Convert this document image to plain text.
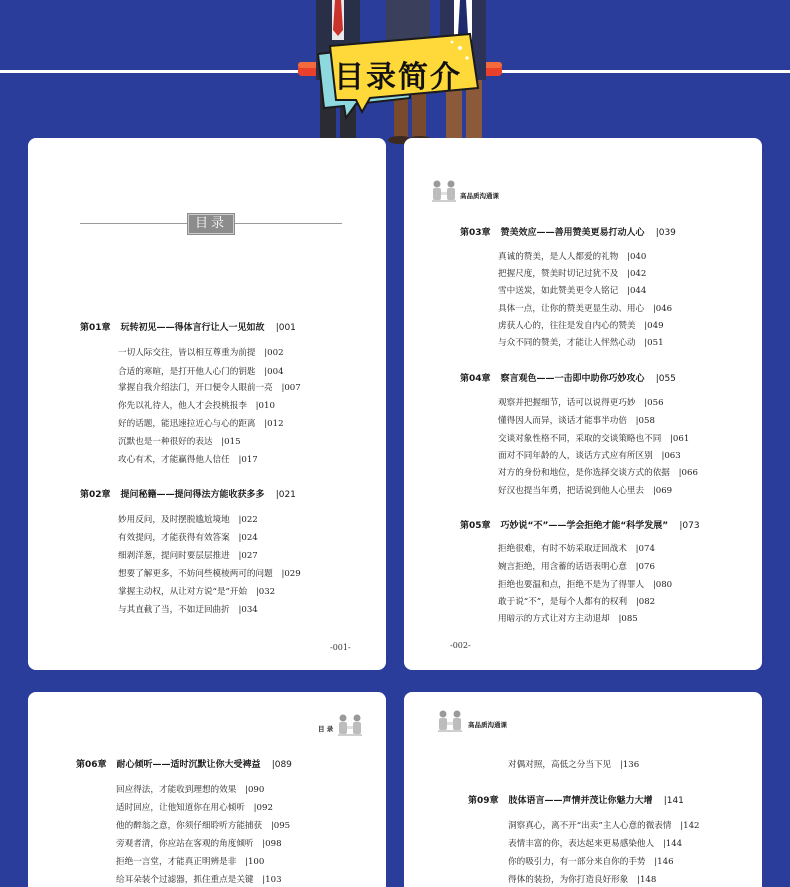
目录简介
目录
第01章 玩转初见——得体言行让人一见如故 |001
一切人际交往，皆以相互尊重为前提 |002
合适的寒暄，是打开他人心门的钥匙 |004
掌握自我介绍法门，开口便令人眼前一亮 |007
你先以礼待人，他人才会投桃报李 |010
好的话题，能迅速拉近心与心的距离 |012
沉默也是一种很好的表达 |015
攻心有术，才能赢得他人信任 |017
第02章 提问秘籍——提问得法方能收获多多 |021
妙用反问，及时摆脱尴尬境地 |022
有效提问，才能获得有效答案 |024
细剥洋葱，提问时要层层推进 |027
想要了解更多，不妨问些模棱两可的问题 |029
掌握主动权，从让对方说“是”开始 |032
与其直截了当，不如迂回曲折 |034
-001-
高品质沟通课
第03章 赞美效应——善用赞美更易打动人心 |039
真诚的赞美，是人人都爱的礼物 |040
把握尺度，赞美时切记过犹不及 |042
雪中送炭，如此赞美更令人铭记 |044
具体一点，让你的赞美更显生动、用心 |046
虏获人心的，往往是发自内心的赞美 |049
与众不同的赞美，才能让人怦然心动 |051
第04章 察言观色——一击即中助你巧妙攻心 |055
观察并把握细节，话可以说得更巧妙 |056
懂得因人而异，谈话才能事半功倍 |058
交谈对象性格不同，采取的交谈策略也不同 |061
面对不同年龄的人，谈话方式应有所区别 |063
对方的身份和地位，是你选择交谈方式的依据 |066
好汉也提当年勇，把话说到他人心里去 |069
第05章 巧妙说“不”——学会拒绝才能“科学发展” |073
拒绝很难，有时不妨采取迂回战术 |074
婉言拒绝，用含蓄的话语表明心意 |076
拒绝也要温和点，拒绝不是为了得罪人 |080
敢于说“不”，是每个人都有的权利 |082
用暗示的方式让对方主动退却 |085
-002-
目 录
第06章 耐心倾听——适时沉默让你大受裨益 |089
回应得法，才能收到理想的效果 |090
适时回应，让他知道你在用心倾听 |092
他的醉翁之意，你须仔细聆听方能捕获 |095
旁观者清，你应站在客观的角度倾听 |098
拒绝一言堂，才能真正明辨是非 |100
给耳朵装个过滤器，抓住重点是关键 |103
高品质沟通课
对偶对照，高低之分当下见 |136
第09章 肢体语言——声情并茂让你魅力大增 |141
洞察真心，离不开“出卖”主人心意的微表情 |142
表情丰富的你，表达起来更易感染他人 |144
你的吸引力，有一部分来自你的手势 |146
得体的装扮，为你打造良好形象 |148
